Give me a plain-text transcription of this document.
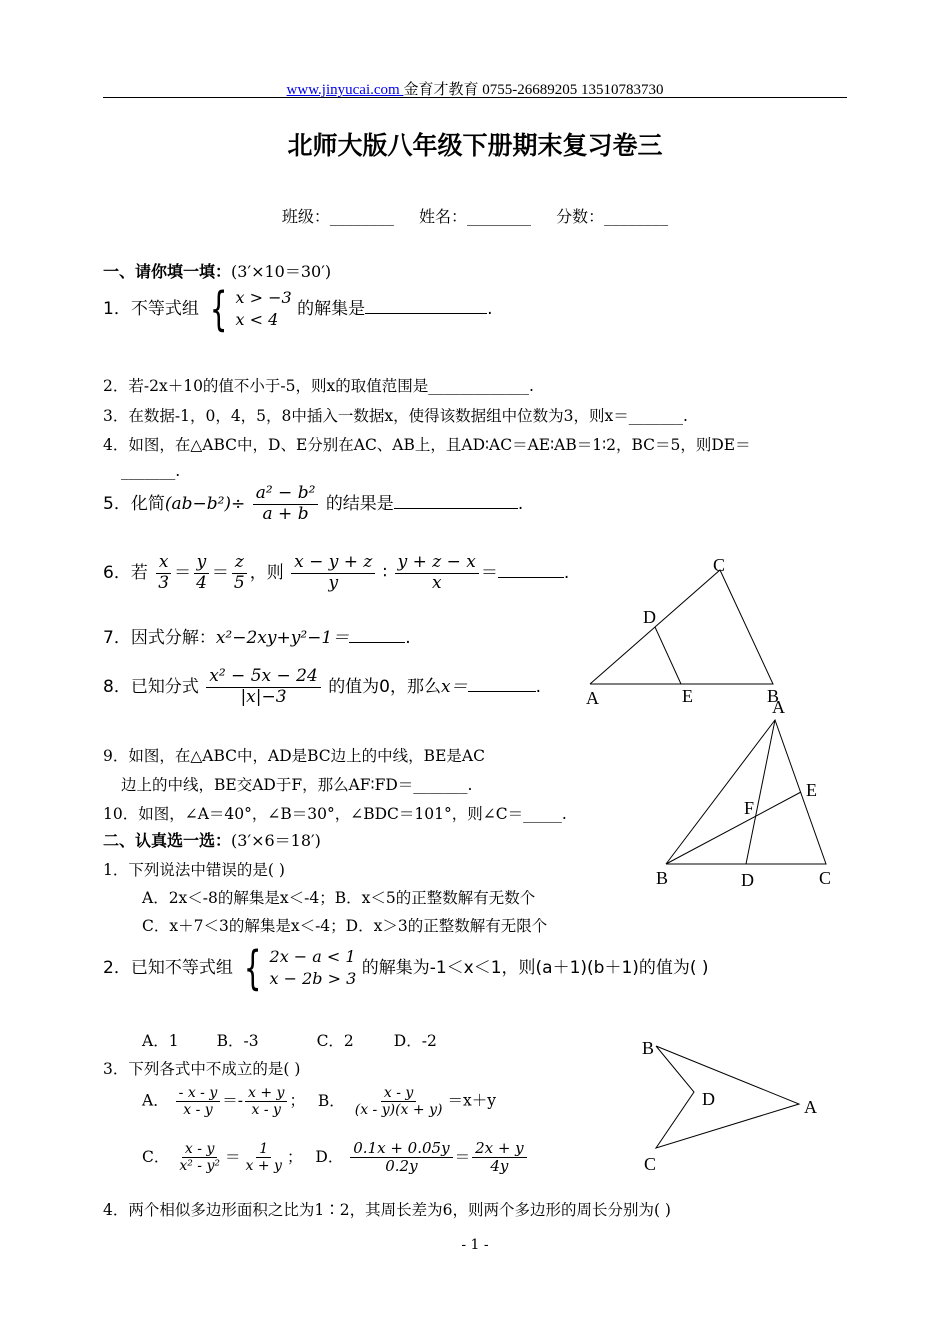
www.jinyucai.com 金育才教育 0755-26689205 13510783730
北师大版八年级下册期末复习卷三
班级：________ 姓名：________ 分数：________
一、请你填一填：(3′×10＝30′)
1．不等式组 { x > −3
x < 4
的解集是	.
2．若-2x＋10的值不小于-5，则x的取值范围是_____________.
3．在数据-1，0，4，5，8中插入一数据x，使得该数据组中位数为3，则x＝_______.
4．如图，在△ABC中，D、E分别在AC、AB上，且AD∶AC＝AE∶AB＝1∶2，BC＝5，则DE＝
_______.
5．化简$(ab-b^2)\div \frac{\text{a² − b²}}{a + b}$ 的结果是	.
6．若 $\frac{x}{3} = \frac{y}{4} = \frac{z}{5}$ ，则 $\frac{x - y + z}{y}$ ∶ $\frac{y + z - x}{x}$ ＝	.
7．因式分解：x²−2xy+y²−1＝	.
8．已知分式 $\frac{\text{x² − 5x − 24}}{|x|-3}$ 的值为0，那么x＝	.
9．如图，在△ABC中，AD是BC边上的中线，BE是AC
边上的中线，BE交AD于F，那么AF∶FD＝_______.
10．如图，∠A＝40°，∠B＝30°，∠BDC＝101°，则∠C＝_____.
二、认真选一选：(3′×6＝18′)
1．下列说法中错误的是( )
A．2x＜-8的解集是x＜-4；B．x＜5的正整数解有无数个
C．x＋7＜3的解集是x＜-4；D．x＞3的正整数解有无限个
2．已知不等式组 { 2x − a < 1
x − 2b > 3
的解集为-1＜x＜1，则(a＋1)(b＋1)的值为( )
A．1 B．-3	C．2	D．-2
3．下列各式中不成立的是( )
A． $\frac{- x - y}{x - y} =- \frac{x + y}{x - y}$ ； B． $\frac{x - y}{(x - y)(x + y)} =x+y$
C． $\frac{x - y}{\text{x² - y²}} = \frac{1}{x + y}$ ； D． $\frac{0.1x + 0.05y}{0.2y} = \frac{2x + y}{4y}$
4．两个相似多边形面积之比为1∶2，其周长差为6，则两个多边形的周长分别为( )
C
D
A	E	B
A
E
F
B	D	C
B
D	A
C
- 1 -
